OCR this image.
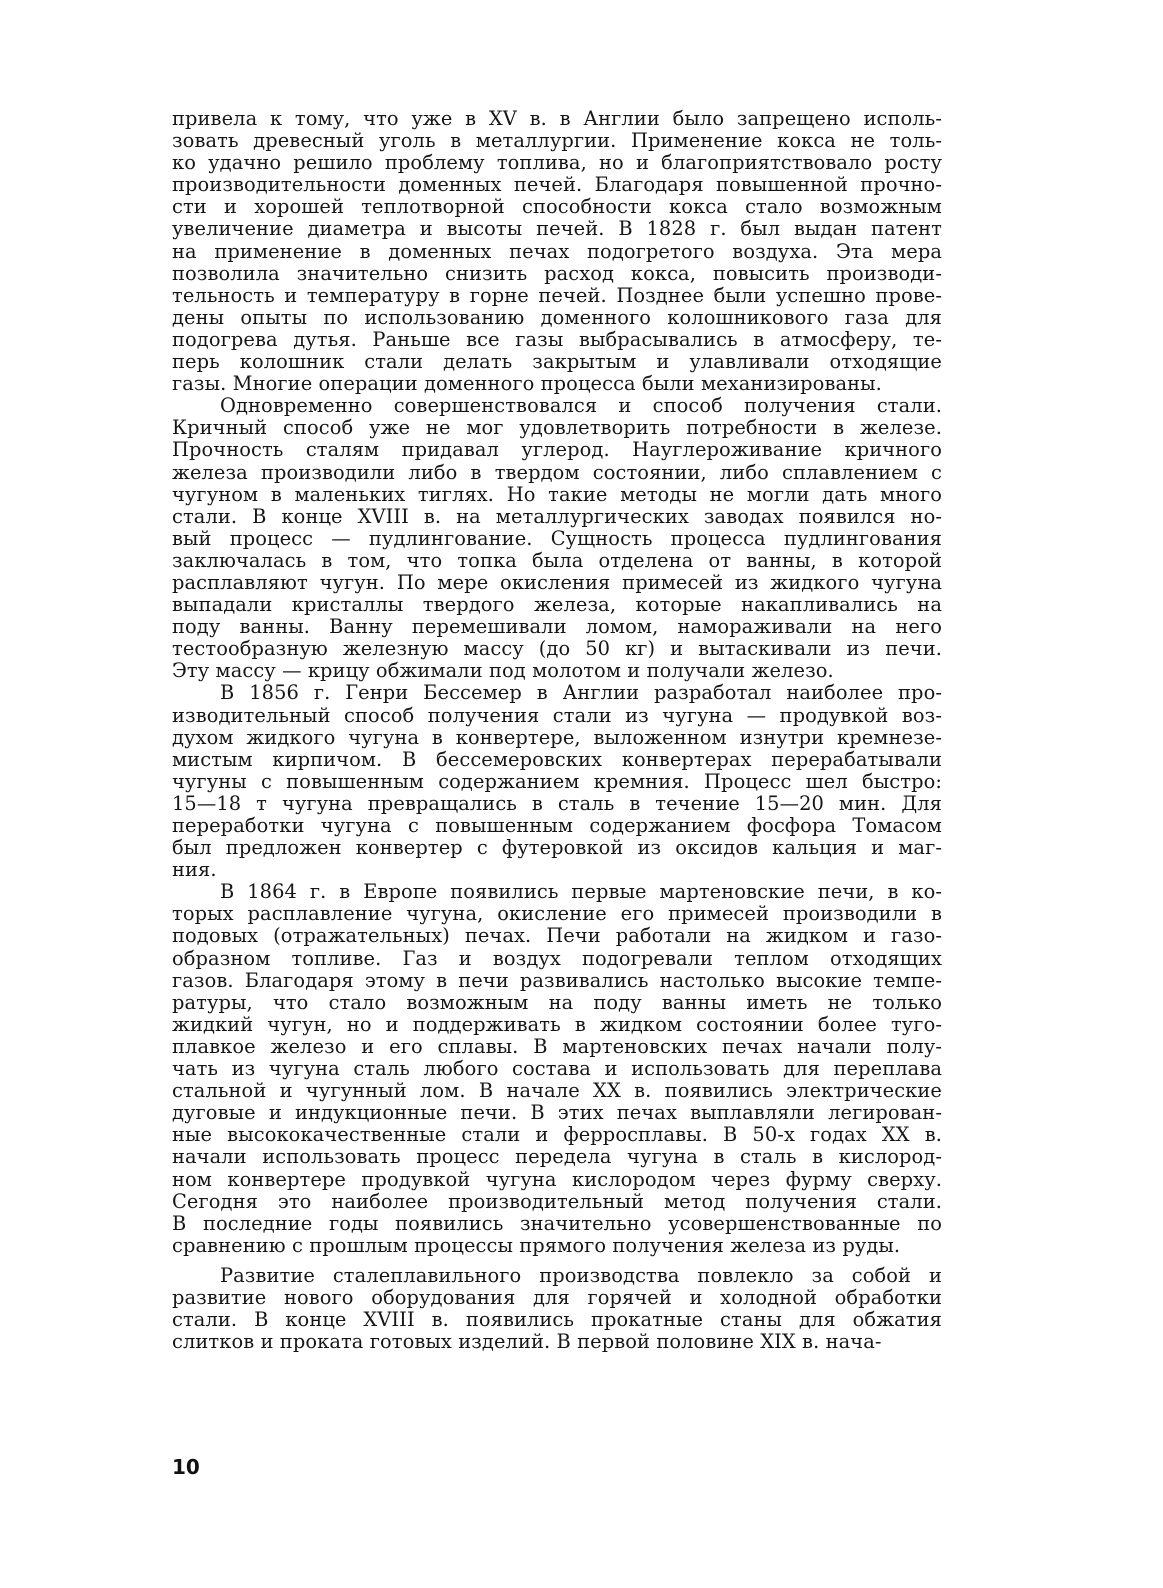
привела к тому, что уже в XV в. в Англии было запрещено исполь-
зовать древесный уголь в металлургии. Применение кокса не толь-
ко удачно решило проблему топлива, но и благоприятствовало росту
производительности доменных печей. Благодаря повышенной прочно-
сти и хорошей теплотворной способности кокса стало возможным
увеличение диаметра и высоты печей. В 1828 г. был выдан патент
на применение в доменных печах подогретого воздуха. Эта мера
позволила значительно снизить расход кокса, повысить производи-
тельность и температуру в горне печей. Позднее были успешно прове-
дены опыты по использованию доменного колошникового газа для
подогрева дутья. Раньше все газы выбрасывались в атмосферу, те-
перь колошник стали делать закрытым и улавливали отходящие
газы. Многие операции доменного процесса были механизированы.
Одновременно совершенствовался и способ получения стали.
Кричный способ уже не мог удовлетворить потребности в железе.
Прочность сталям придавал углерод. Науглероживание кричного
железа производили либо в твердом состоянии, либо сплавлением с
чугуном в маленьких тиглях. Но такие методы не могли дать много
стали. В конце XVIII в. на металлургических заводах появился но-
вый процесс — пудлингование. Сущность процесса пудлингования
заключалась в том, что топка была отделена от ванны, в которой
расплавляют чугун. По мере окисления примесей из жидкого чугуна
выпадали кристаллы твердого железа, которые накапливались на
поду ванны. Ванну перемешивали ломом, намораживали на него
тестообразную железную массу (до 50 кг) и вытаскивали из печи.
Эту массу — крицу обжимали под молотом и получали железо.
В 1856 г. Генри Бессемер в Англии разработал наиболее про-
изводительный способ получения стали из чугуна — продувкой воз-
духом жидкого чугуна в конвертере, выложенном изнутри кремнезе-
мистым кирпичом. В бессемеровских конвертерах перерабатывали
чугуны с повышенным содержанием кремния. Процесс шел быстро:
15—18 т чугуна превращались в сталь в течение 15—20 мин. Для
переработки чугуна с повышенным содержанием фосфора Томасом
был предложен конвертер с футеровкой из оксидов кальция и маг-
ния.
В 1864 г. в Европе появились первые мартеновские печи, в ко-
торых расплавление чугуна, окисление его примесей производили в
подовых (отражательных) печах. Печи работали на жидком и газо-
образном топливе. Газ и воздух подогревали теплом отходящих
газов. Благодаря этому в печи развивались настолько высокие темпе-
ратуры, что стало возможным на поду ванны иметь не только
жидкий чугун, но и поддерживать в жидком состоянии более туго-
плавкое железо и его сплавы. В мартеновских печах начали полу-
чать из чугуна сталь любого состава и использовать для переплава
стальной и чугунный лом. В начале XX в. появились электрические
дуговые и индукционные печи. В этих печах выплавляли легирован-
ные высококачественные стали и ферросплавы. В 50-х годах XX в.
начали использовать процесс передела чугуна в сталь в кислород-
ном конвертере продувкой чугуна кислородом через фурму сверху.
Сегодня это наиболее производительный метод получения стали.
В последние годы появились значительно усовершенствованные по
сравнению с прошлым процессы прямого получения железа из руды.
Развитие сталеплавильного производства повлекло за собой и
развитие нового оборудования для горячей и холодной обработки
стали. В конце XVIII в. появились прокатные станы для обжатия
слитков и проката готовых изделий. В первой половине XIX в. нача-
10
